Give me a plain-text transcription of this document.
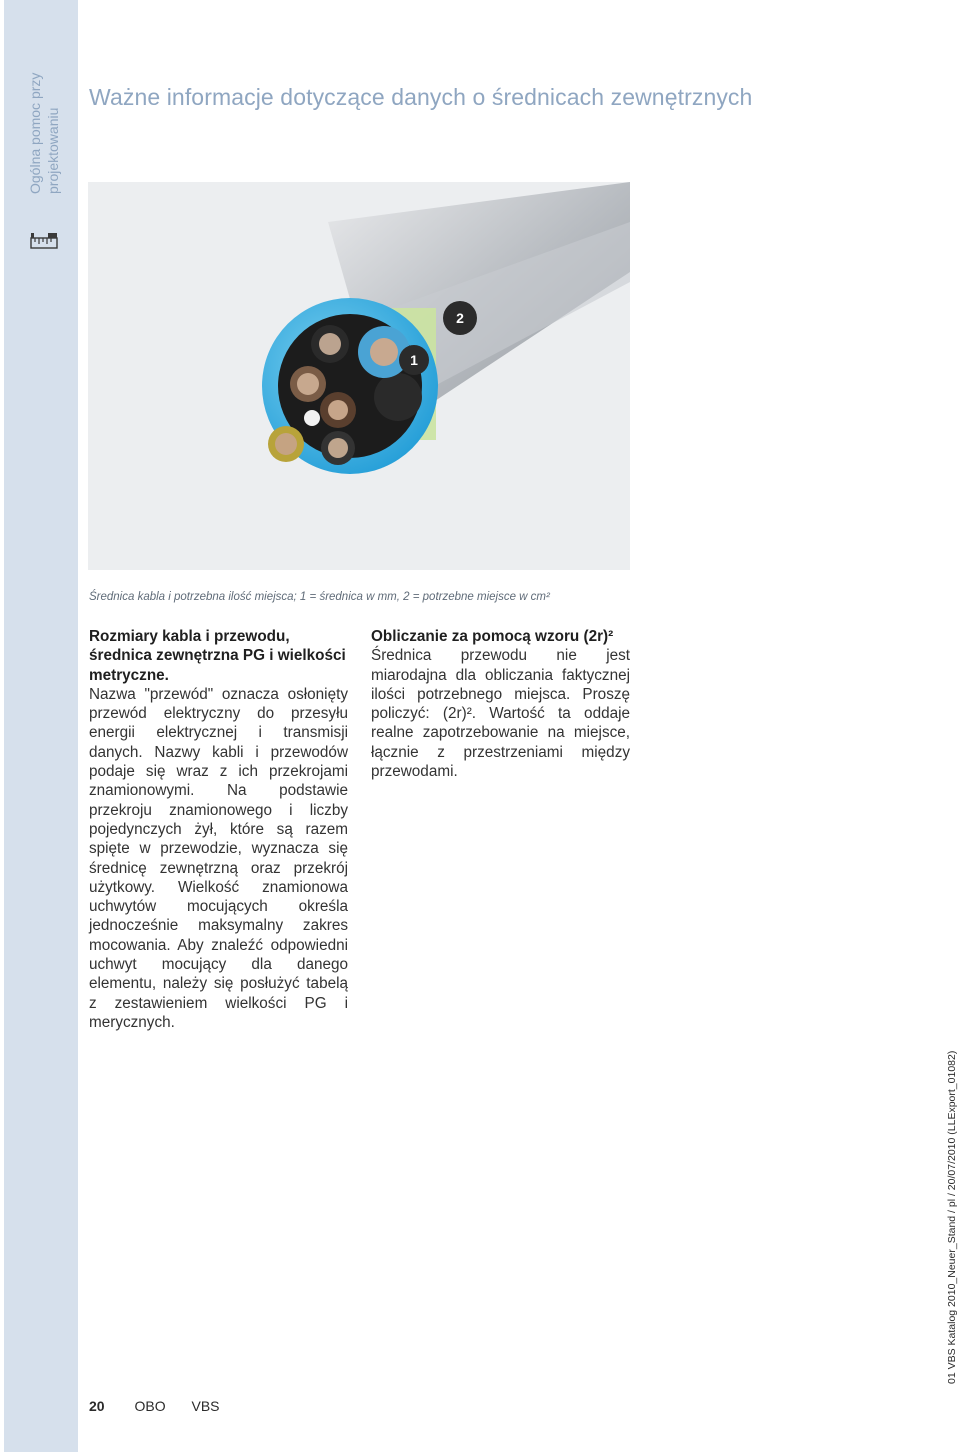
Ogólna pomoc przy projektowaniu
Ważne informacje dotyczące danych o średnicach zewnętrznych
1
2
Średnica kabla i potrzebna ilość miejsca; 1 = średnica w mm, 2 = potrzebne miejsce w cm²
Rozmiary kabla i przewodu, średnica zewnętrzna PG i wielkości metryczne.

Nazwa "przewód" oznacza osłonięty przewód elektryczny do przesyłu energii elektrycznej i transmisji danych. Nazwy kabli i przewodów podaje się wraz z ich przekrojami znamionowymi. Na podstawie przekroju znamionowego i liczby pojedynczych żył, które są razem spięte w przewodzie, wyznacza się średnicę zewnętrzną oraz przekrój użytkowy. Wielkość znamionowa uchwytów mocujących określa jednocześnie maksymalny zakres mocowania. Aby znaleźć odpowiedni uchwyt mocujący dla danego elementu, należy się posłużyć tabelą z zestawieniem wielkości PG i merycznych.

Obliczanie za pomocą wzoru (2r)²

Średnica przewodu nie jest miarodajna dla obliczania faktycznej ilości potrzebnego miejsca. Proszę policzyć: (2r)². Wartość ta oddaje realne zapotrzebowanie na miejsce, łącznie z przestrzeniami między przewodami.

20 OBO VBS
01 VBS Katalog 2010_Neuer_Stand / pl / 20/07/2010 (LLExport_01082)
